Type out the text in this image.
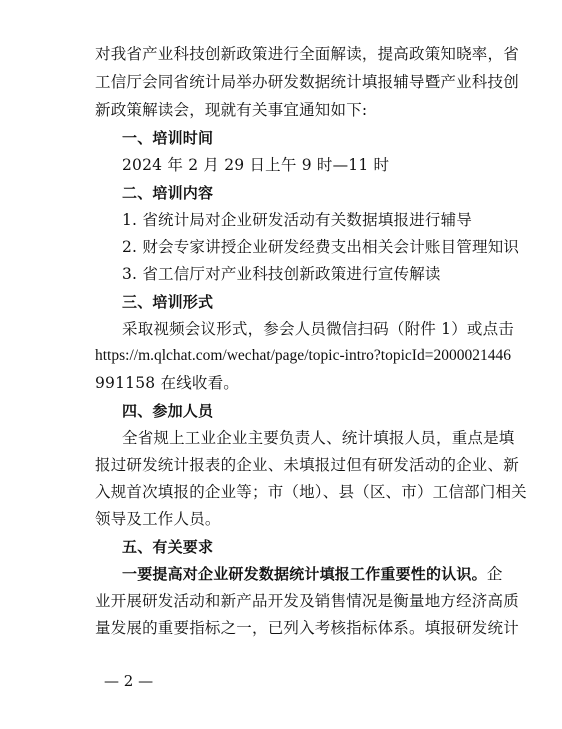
对我省产业科技创新政策进行全面解读，提高政策知晓率，省
工信厅会同省统计局举办研发数据统计填报辅导暨产业科技创
新政策解读会，现就有关事宜通知如下:
一、培训时间
2024 年 2 月 29 日上午 9 时—11 时
二、培训内容
1. 省统计局对企业研发活动有关数据填报进行辅导
2. 财会专家讲授企业研发经费支出相关会计账目管理知识
3. 省工信厅对产业科技创新政策进行宣传解读
三、培训形式
采取视频会议形式，参会人员微信扫码（附件 1）或点击
https://m.qlchat.com/wechat/page/topic-intro?topicId=2000021446
991158 在线收看。
四、参加人员
全省规上工业企业主要负责人、统计填报人员，重点是填
报过研发统计报表的企业、未填报过但有研发活动的企业、新
入规首次填报的企业等；市（地）、县（区、市）工信部门相关
领导及工作人员。
五、有关要求
一要提高对企业研发数据统计填报工作重要性的认识。企
业开展研发活动和新产品开发及销售情况是衡量地方经济高质
量发展的重要指标之一，已列入考核指标体系。填报研发统计
— 2 —
